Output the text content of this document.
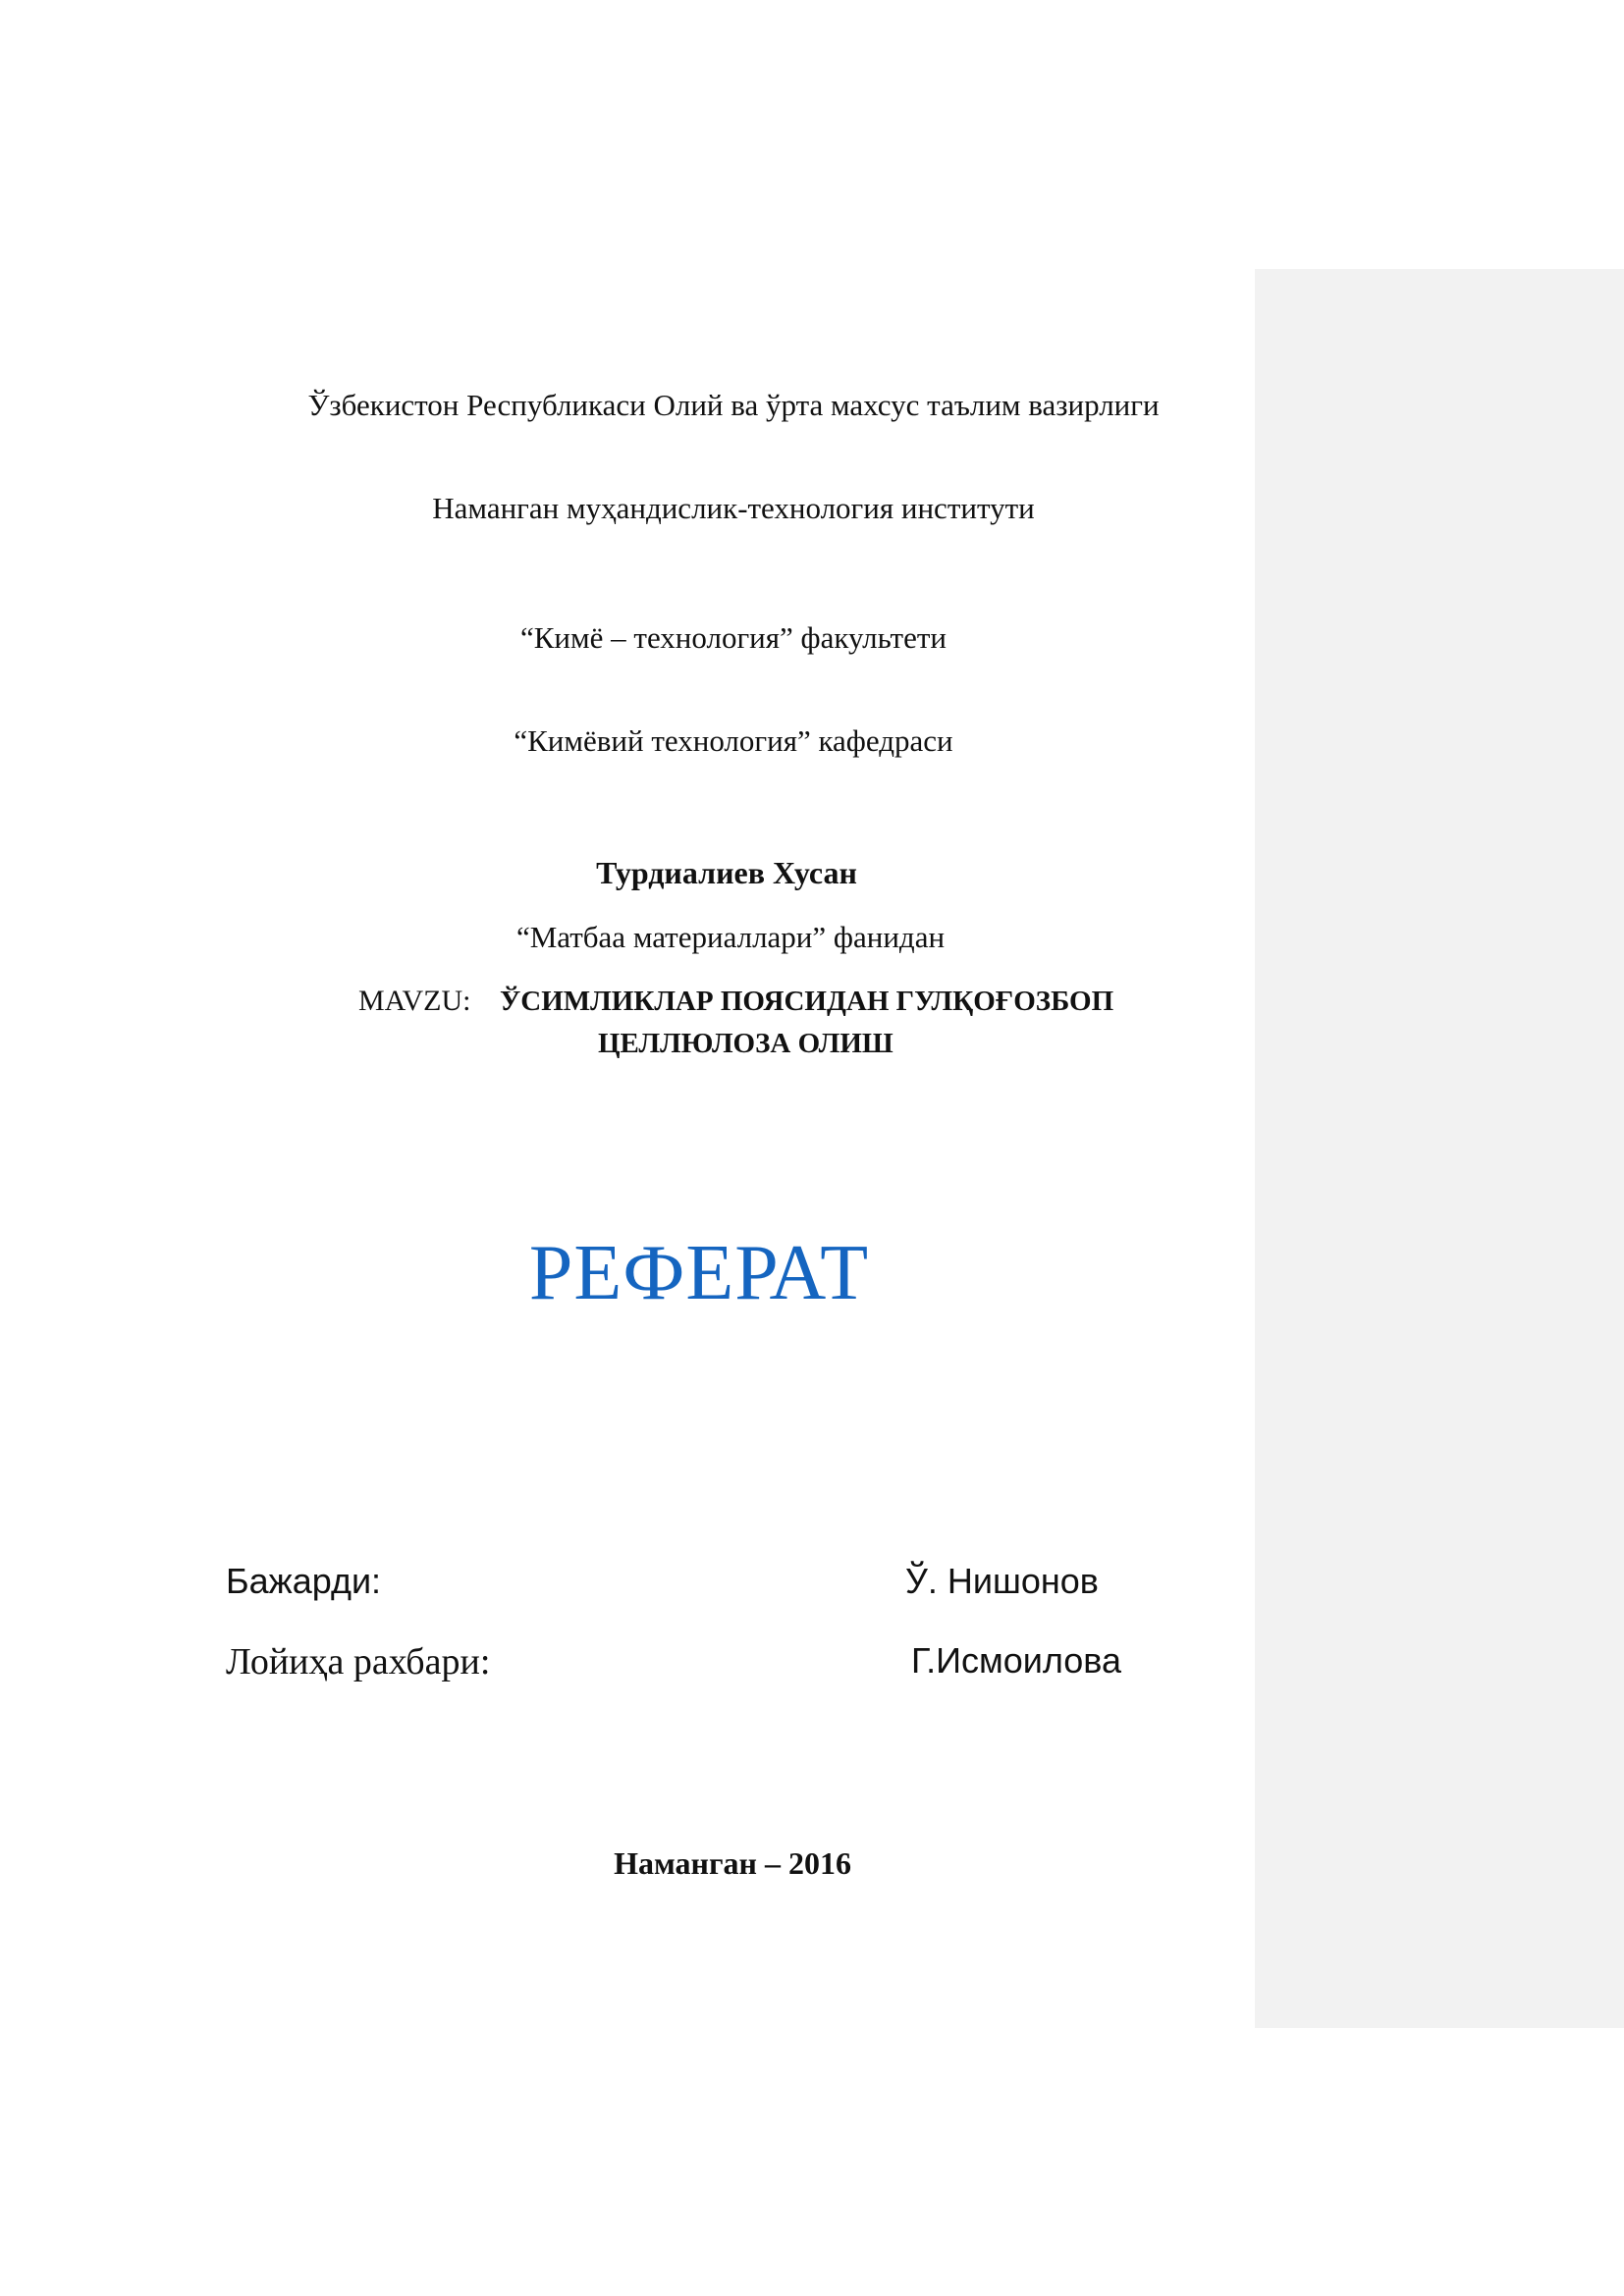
Ўзбекистон Республикаси Олий ва ўрта махсус таълим вазирлиги
Наманган муҳандислик-технология институти
“Кимё – технология” факультети
“Кимёвий технология” кафедраси
Турдиалиев Хусан
“Матбаа материаллари” фанидан
MAVZU: ЎСИМЛИКЛАР ПОЯСИДАН ГУЛҚОҒОЗБОП
ЦЕЛЛЮЛОЗА ОЛИШ
РЕФЕРАТ
Бажарди:	Ў. Нишонов
Лойиҳа рахбари:	Г.Исмоилова
Наманган – 2016
